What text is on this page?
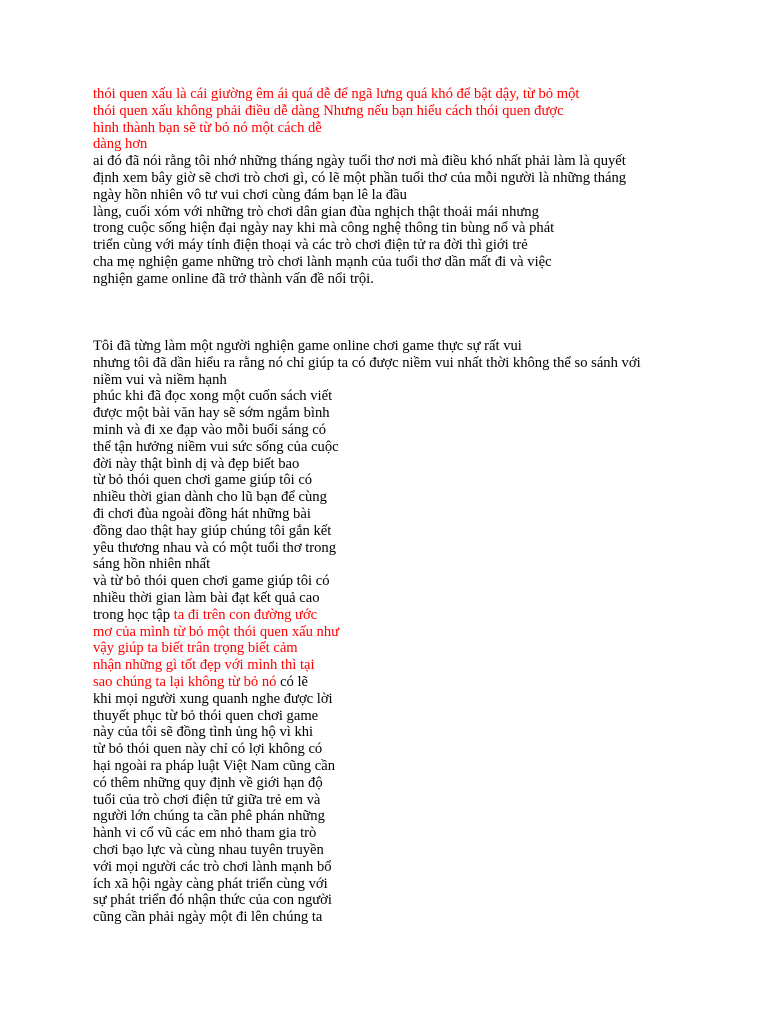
thói quen xấu là cái giường êm ái quá dễ để ngã lưng quá khó để bật dậy, từ bỏ một
thói quen xấu không phải điều dễ dàng Nhưng nếu bạn hiểu cách thói quen được
hình thành bạn sẽ từ bỏ nó một cách dễ
dàng hơn
ai đó đã nói rằng tôi nhớ những tháng ngày tuổi thơ nơi mà điều khó nhất phải làm là quyết
định xem bây giờ sẽ chơi trò chơi gì, có lẽ một phần tuổi thơ của mỗi người là những tháng
ngày hồn nhiên vô tư vui chơi cùng đám bạn lê la đầu
làng, cuối xóm với những trò chơi dân gian đùa nghịch thật thoải mái nhưng
trong cuộc sống hiện đại ngày nay khi mà công nghệ thông tin bùng nổ và phát
triển cùng với máy tính điện thoại và các trò chơi điện tử ra đời thì giới trẻ
cha mẹ nghiện game những trò chơi lành mạnh của tuổi thơ dần mất đi và việc
nghiện game online đã trở thành vấn đề nổi trội.
Tôi đã từng làm một người nghiện game online chơi game thực sự rất vui
nhưng tôi đã dần hiểu ra rằng nó chỉ giúp ta có được niềm vui nhất thời không thể so sánh với
niềm vui và niềm hạnh
phúc khi đã đọc xong một cuốn sách viết
được một bài văn hay sẽ sớm ngắm bình
minh và đi xe đạp vào mỗi buổi sáng có
thể tận hưởng niềm vui sức sống của cuộc
đời này thật bình dị và đẹp biết bao
từ bỏ thói quen chơi game giúp tôi có
nhiều thời gian dành cho lũ bạn để cùng
đi chơi đùa ngoài đồng hát những bài
đồng dao thật hay giúp chúng tôi gắn kết
yêu thương nhau và có một tuổi thơ trong
sáng hồn nhiên nhất
và từ bỏ thói quen chơi game giúp tôi có
nhiều thời gian làm bài đạt kết quả cao
trong học tập ta đi trên con đường ước
mơ của mình từ bỏ một thói quen xấu như
vậy giúp ta biết trân trọng biết cảm
nhận những gì tốt đẹp với mình thì tại
sao chúng ta lại không từ bỏ nó có lẽ
khi mọi người xung quanh nghe được lời
thuyết phục từ bỏ thói quen chơi game
này của tôi sẽ đồng tình ủng hộ vì khi
từ bỏ thói quen này chỉ có lợi không có
hại ngoài ra pháp luật Việt Nam cũng cần
có thêm những quy định về giới hạn độ
tuổi của trò chơi điện tử giữa trẻ em và
người lớn chúng ta cần phê phán những
hành vi cổ vũ các em nhỏ tham gia trò
chơi bạo lực và cùng nhau tuyên truyền
với mọi người các trò chơi lành mạnh bổ
ích xã hội ngày càng phát triển cùng với
sự phát triển đó nhận thức của con người
cũng cần phải ngày một đi lên chúng ta
